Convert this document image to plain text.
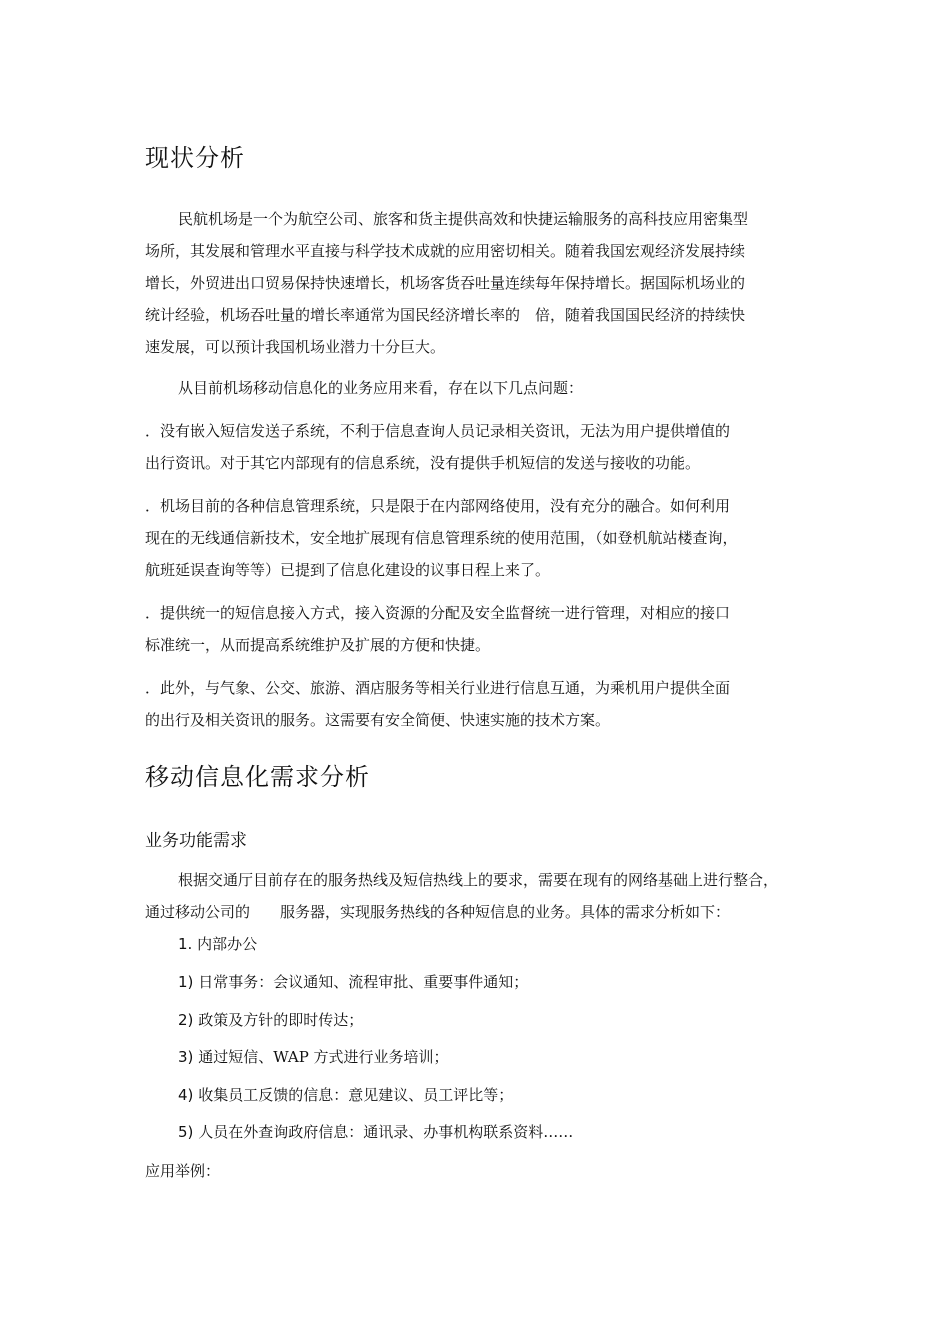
现状分析
民航机场是一个为航空公司、旅客和货主提供高效和快捷运输服务的高科技应用密集型
场所，其发展和管理水平直接与科学技术成就的应用密切相关。随着我国宏观经济发展持续
增长，外贸进出口贸易保持快速增长，机场客货吞吐量连续每年保持增长。据国际机场业的
统计经验，机场吞吐量的增长率通常为国民经济增长率的　倍，随着我国国民经济的持续快
速发展，可以预计我国机场业潜力十分巨大。
从目前机场移动信息化的业务应用来看，存在以下几点问题：
．没有嵌入短信发送子系统，不利于信息查询人员记录相关资讯，无法为用户提供增值的
出行资讯。对于其它内部现有的信息系统，没有提供手机短信的发送与接收的功能。
．机场目前的各种信息管理系统，只是限于在内部网络使用，没有充分的融合。如何利用
现在的无线通信新技术，安全地扩展现有信息管理系统的使用范围，（如登机航站楼查询，
航班延误查询等等）已提到了信息化建设的议事日程上来了。
．提供统一的短信息接入方式，接入资源的分配及安全监督统一进行管理，对相应的接口
标准统一，从而提高系统维护及扩展的方便和快捷。
．此外，与气象、公交、旅游、酒店服务等相关行业进行信息互通，为乘机用户提供全面
的出行及相关资讯的服务。这需要有安全简便、快速实施的技术方案。
移动信息化需求分析
业务功能需求
根据交通厅目前存在的服务热线及短信热线上的要求，需要在现有的网络基础上进行整合，
通过移动公司的　　服务器，实现服务热线的各种短信息的业务。具体的需求分析如下：
1. 内部办公
1) 日常事务：会议通知、流程审批、重要事件通知；
2) 政策及方针的即时传达；
3) 通过短信、WAP 方式进行业务培训；
4) 收集员工反馈的信息：意见建议、员工评比等；
5) 人员在外查询政府信息：通讯录、办事机构联系资料……
应用举例：
